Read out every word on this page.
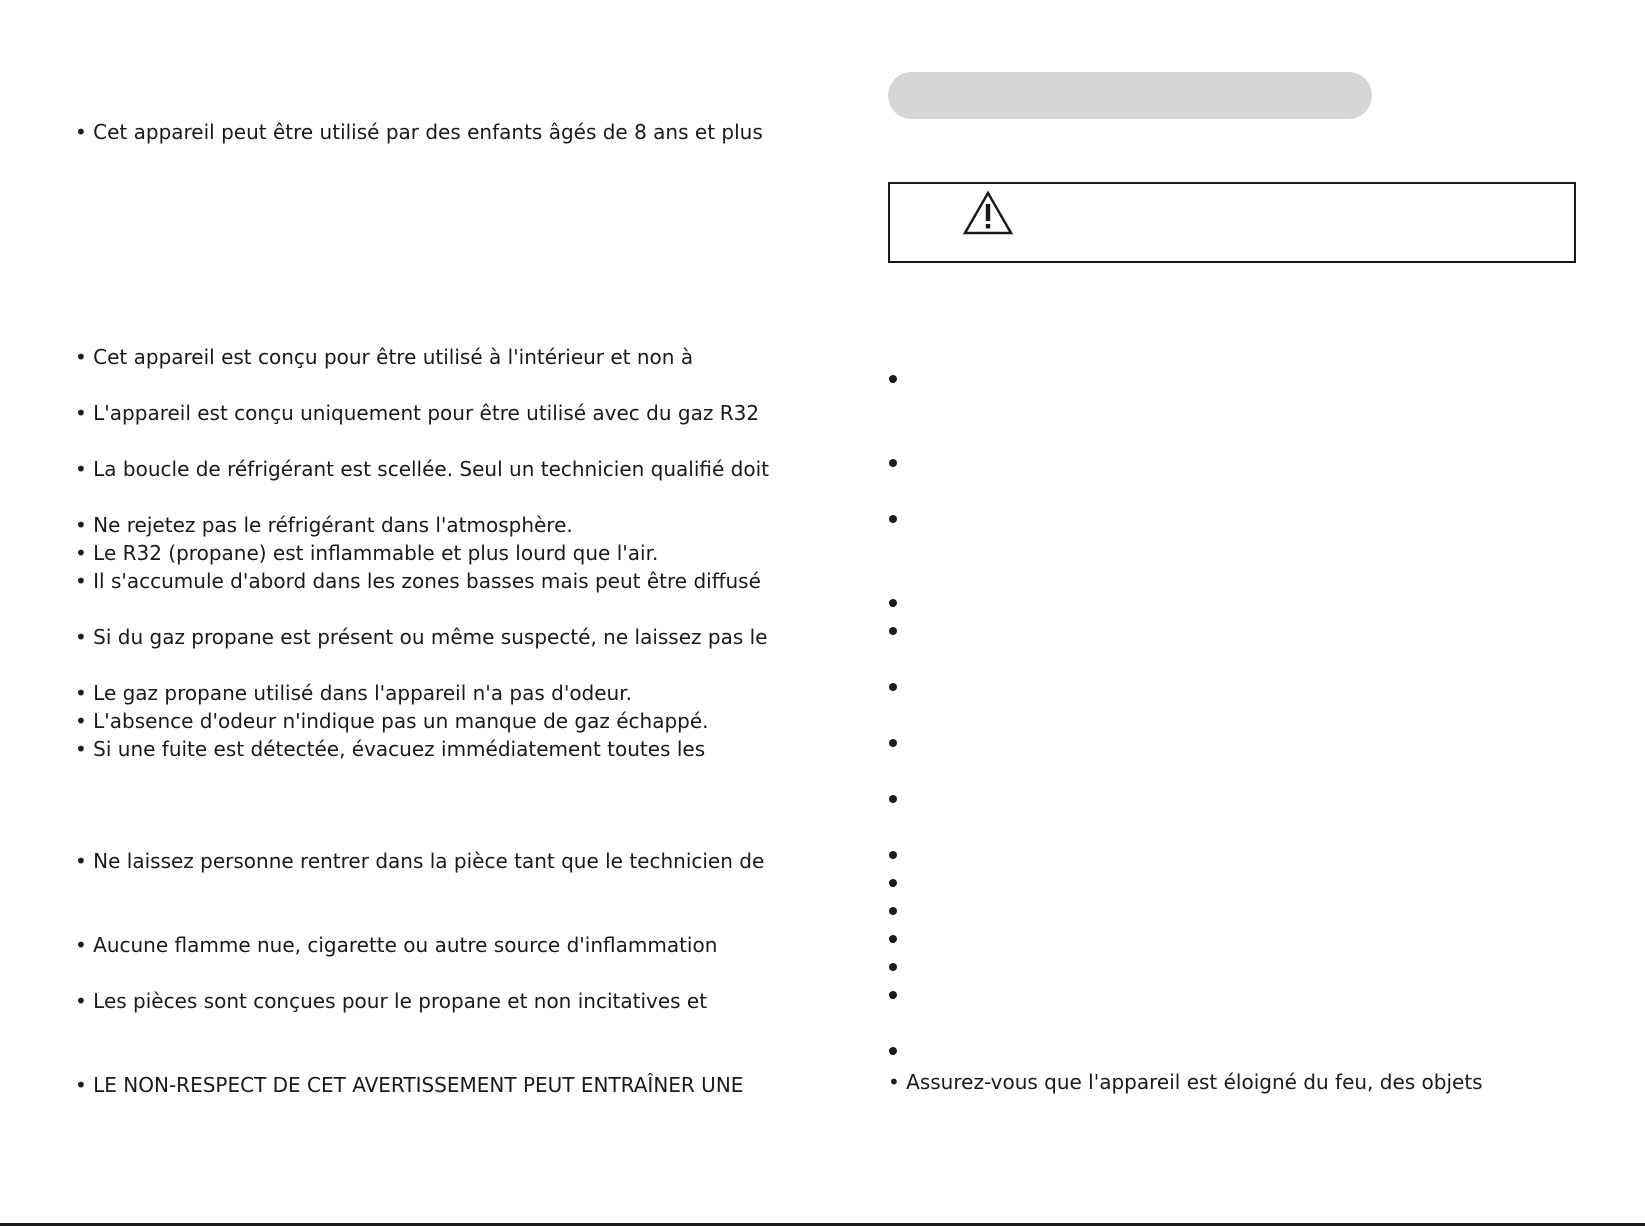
• Cet appareil peut être utilisé par des enfants âgés de 8 ans et plus
• Cet appareil est conçu pour être utilisé à l'intérieur et non à
• L'appareil est conçu uniquement pour être utilisé avec du gaz R32
• La boucle de réfrigérant est scellée. Seul un technicien qualifié doit
• Ne rejetez pas le réfrigérant dans l'atmosphère.
• Le R32 (propane) est inflammable et plus lourd que l'air.
• Il s'accumule d'abord dans les zones basses mais peut être diffusé
• Si du gaz propane est présent ou même suspecté, ne laissez pas le
• Le gaz propane utilisé dans l'appareil n'a pas d'odeur.
• L'absence d'odeur n'indique pas un manque de gaz échappé.
• Si une fuite est détectée, évacuez immédiatement toutes les
• Ne laissez personne rentrer dans la pièce tant que le technicien de
• Aucune flamme nue, cigarette ou autre source d'inflammation
• Les pièces sont conçues pour le propane et non incitatives et
• LE NON-RESPECT DE CET AVERTISSEMENT PEUT ENTRAÎNER UNE	• Assurez-vous que l'appareil est éloigné du feu, des objets
